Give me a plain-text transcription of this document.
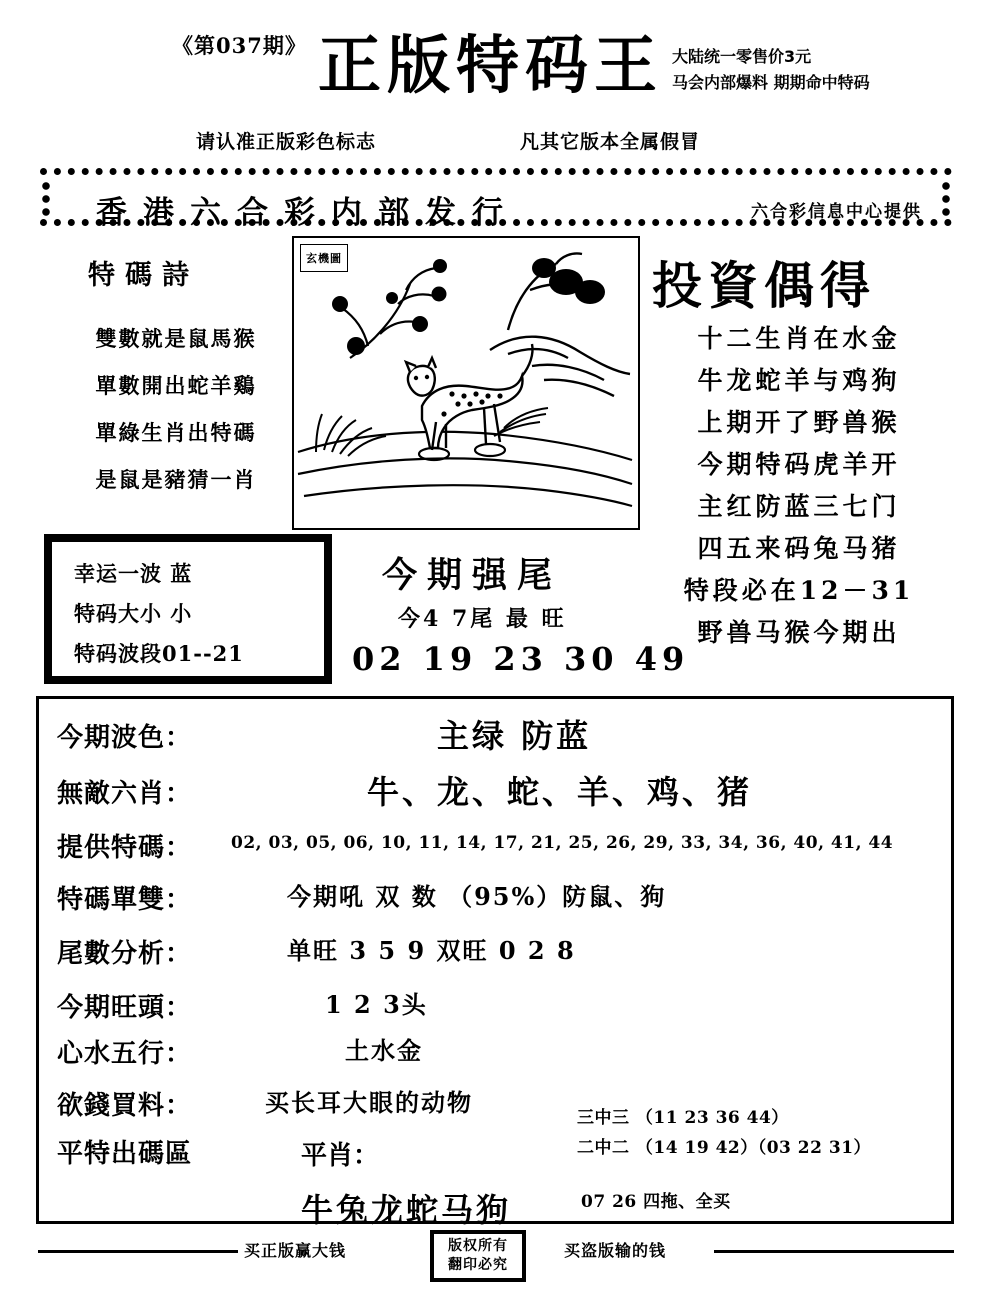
《第037期》 正版特码王 大陆统一零售价3元
马会内部爆料 期期命中特码
请认准正版彩色标志	凡其它版本全属假冒
香港六合彩内部发行	六合彩信息中心提供
特碼詩
雙數就是鼠馬猴
單數開出蛇羊鷄
單綠生肖出特碼
是鼠是豬猜一肖
玄機圖
幸运一波 蓝
特码大小 小
特码波段01--21
今期强尾
今4 7尾 最 旺
02 19 23 30 49
投資偶得
十二生肖在水金
牛龙蛇羊与鸡狗
上期开了野兽猴
今期特码虎羊开
主红防蓝三七门
四五来码兔马猪
特段必在12－31
野兽马猴今期出
今期波色：	主绿 防蓝
無敵六肖：	牛、龙、蛇、羊、鸡、猪
提供特碼： 02, 03, 05, 06, 10, 11, 14, 17, 21, 25, 26, 29, 33, 34, 36, 40, 41, 44
特碼單雙：	今期吼 双 数 （95%）防鼠、狗
尾數分析：	单旺 3 5 9 双旺 0 2 8
今期旺頭：	1 2 3头
心水五行：	土水金
欲錢買料：	买长耳大眼的动物
平特出碼區	平肖：
牛兔龙蛇马狗
三中三 （11 23 36 44）
二中二 （14 19 42）（03 22 31）
07 26 四拖、全买
买正版赢大钱	买盗版输的钱
版权所有
翻印必究
